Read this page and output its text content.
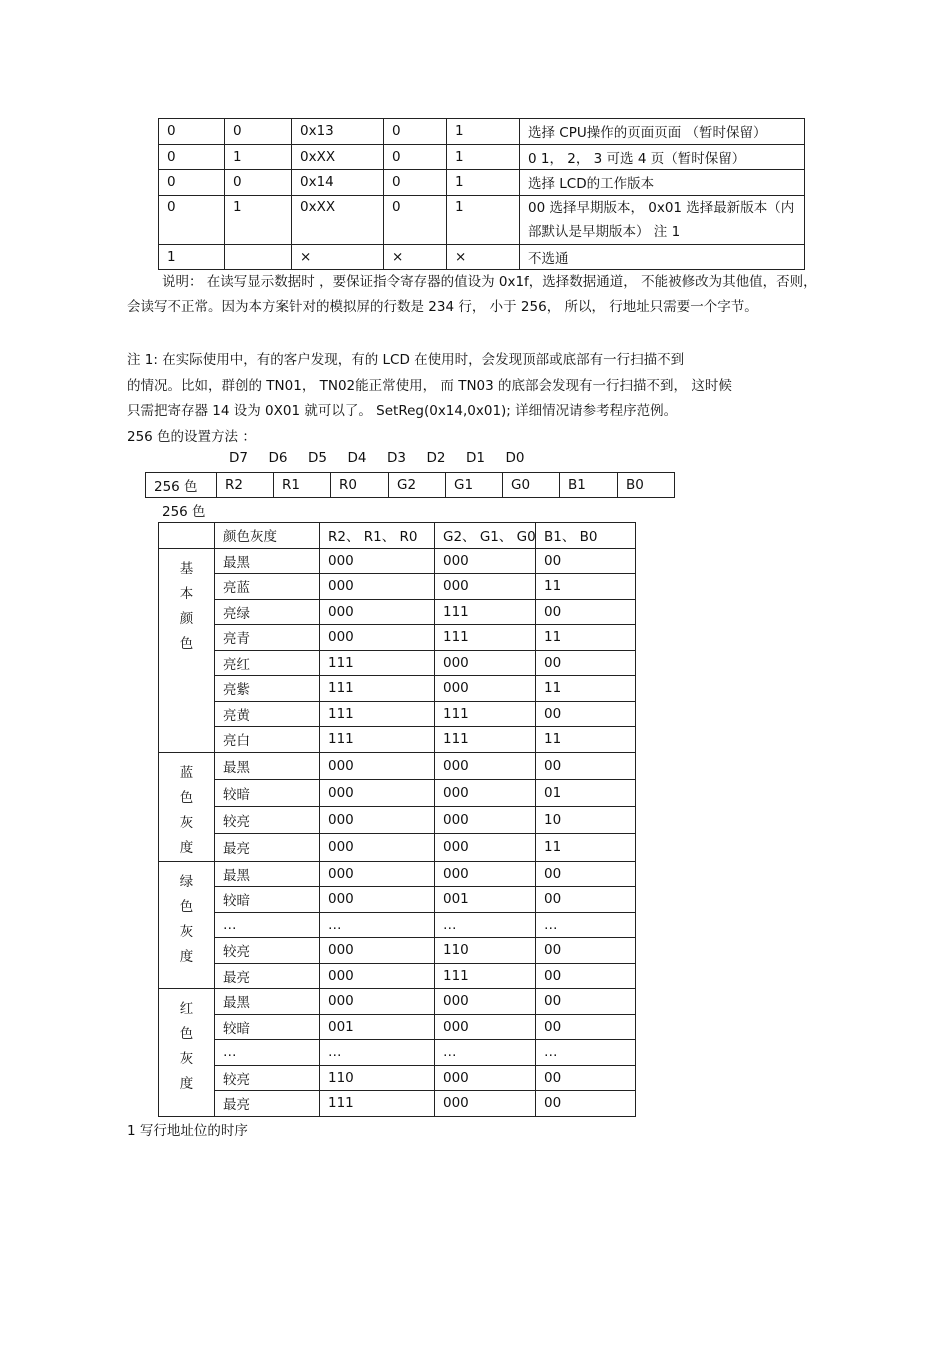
0	0	0x13	0	1	选择 CPU操作的页面页面 （暂时保留）
0	1	0xXX	0	1	0 1， 2， 3 可选 4 页（暂时保留）
0	0	0x14	0	1	选择 LCD的工作版本
0	1	0xXX	0	1	00 选择早期版本， 0x01 选择最新版本（内部默认是早期版本） 注 1
1		×	×	×	不选通

说明： 在读写显示数据时 ，要保证指令寄存器的值设为 0x1f，选择数据通道， 不能被修改为其他值，否则，会读写不正常。因为本方案针对的模拟屏的行数是 234 行， 小于 256， 所以， 行地址只需要一个字节。

注 1: 在实际使用中，有的客户发现，有的 LCD 在使用时，会发现顶部或底部有一行扫描不到

的情况。比如，群创的 TN01， TN02能正常使用， 而 TN03 的底部会发现有一行扫描不到， 这时候

只需把寄存器 14 设为 0X01 就可以了。 SetReg(0x14,0x01); 详细情况请参考程序范例。

256 色的设置方法 ：

D7 D6 D5 D4 D3 D2 D1 D0
256 色	R2	R1	R0	G2	G1	G0	B1	B0

256 色

	颜色灰度	R2、 R1、 R0	G2、 G1、 G0	B1、 B0

基
本
颜
色	最黑	000	000	00
	亮蓝	000	000	11
	亮绿	000	111	00
	亮青	000	111	11
	亮红	111	000	00
	亮紫	111	000	11
	亮黄	111	111	00
	亮白	111	111	11

蓝
色
灰
度	最黑	000	000	00
	较暗	000	000	01
	较亮	000	000	10
	最亮	000	000	11

绿
色
灰
度	最黑	000	000	00
	较暗	000	001	00
	…	…	…	…
	较亮	000	110	00
	最亮	000	111	00

红
色
灰
度	最黑	000	000	00
	较暗	001	000	00
	…	…	…	…
	较亮	110	000	00
	最亮	111	000	00

1 写行地址位的时序
